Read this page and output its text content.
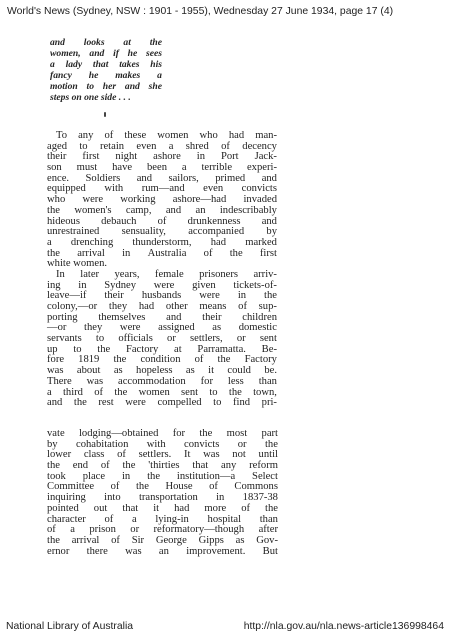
World's News (Sydney, NSW : 1901 - 1955), Wednesday 27 June 1934, page 17 (4)
and looks at the
women, and if he sees
a lady that takes his
fancy he makes a
motion to her and she
steps on one side . . .
To any of these women who had man-
aged to retain even a shred of decency
their first night ashore in Port Jack-
son must have been a terrible experi-
ence. Soldiers and sailors, primed and
equipped with rum—and even convicts
who were working ashore—had invaded
the women's camp, and an indescribably
hideous debauch of drunkenness and
unrestrained sensuality, accompanied by
a drenching thunderstorm, had marked
the arrival in Australia of the first
white women.
In later years, female prisoners arriv-
ing in Sydney were given tickets-of-
leave—if their husbands were in the
colony,—or they had other means of sup-
porting themselves and their children
—or they were assigned as domestic
servants to officials or settlers, or sent
up to the Factory at Parramatta. Be-
fore 1819 the condition of the Factory
was about as hopeless as it could be.
There was accommodation for less than
a third of the women sent to the town,
and the rest were compelled to find pri-
vate lodging—obtained for the most part
by cohabitation with convicts or the
lower class of settlers. It was not until
the end of the 'thirties that any reform
took place in the institution—a Select
Committee of the House of Commons
inquiring into transportation in 1837-38
pointed out that it had more of the
character of a lying-in hospital than
of a prison or reformatory—though after
the arrival of Sir George Gipps as Gov-
ernor there was an improvement. But
National Library of Australia	http://nla.gov.au/nla.news-article136998464
